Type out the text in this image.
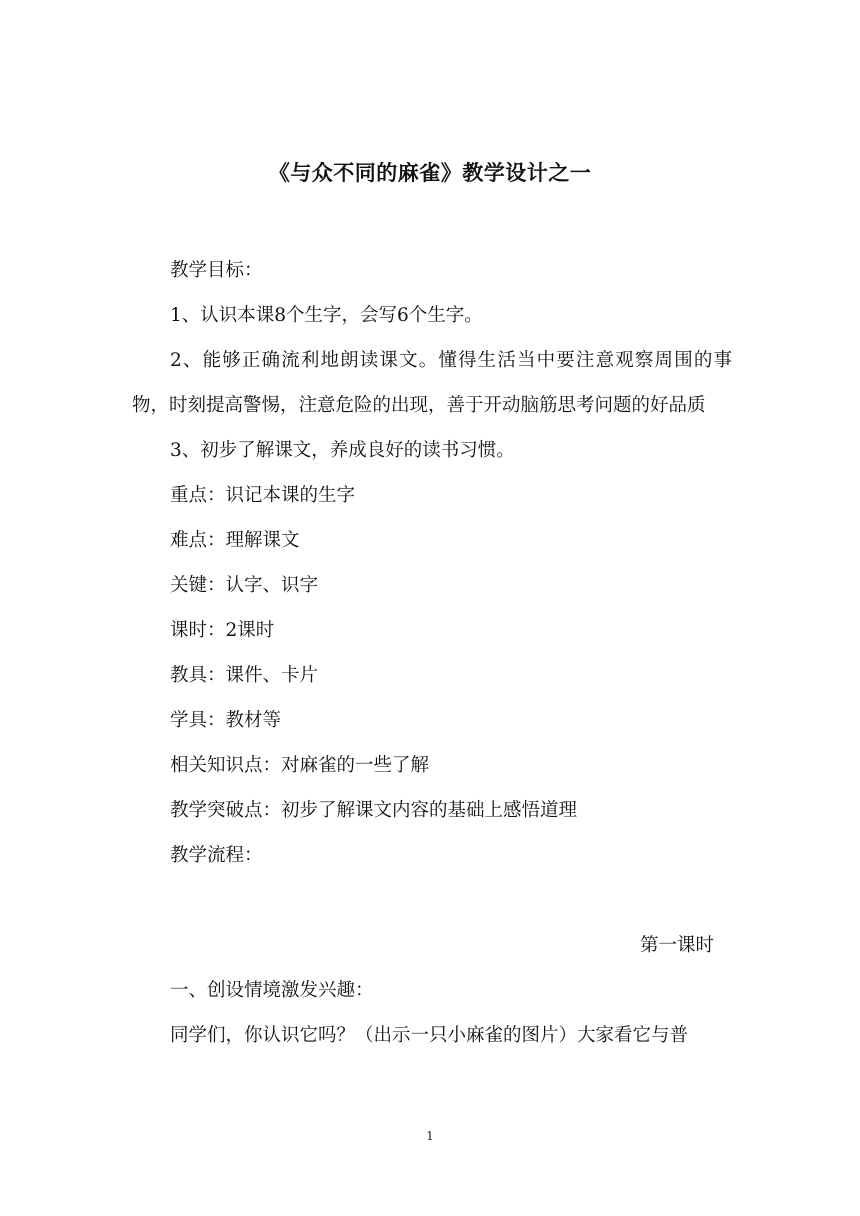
《与众不同的麻雀》教学设计之一

教学目标：

1、认识本课8个生字，会写6个生字。

2、能够正确流利地朗读课文。懂得生活当中要注意观察周围的事物，时刻提高警惕，注意危险的出现，善于开动脑筋思考问题的好品质

3、初步了解课文，养成良好的读书习惯。

重点：识记本课的生字

难点：理解课文

关键：认字、识字

课时：2课时

教具：课件、卡片

学具：教材等

相关知识点：对麻雀的一些了解

教学突破点：初步了解课文内容的基础上感悟道理

教学流程：

第一课时

一、创设情境激发兴趣：

同学们，你认识它吗？（出示一只小麻雀的图片）大家看它与普

1
